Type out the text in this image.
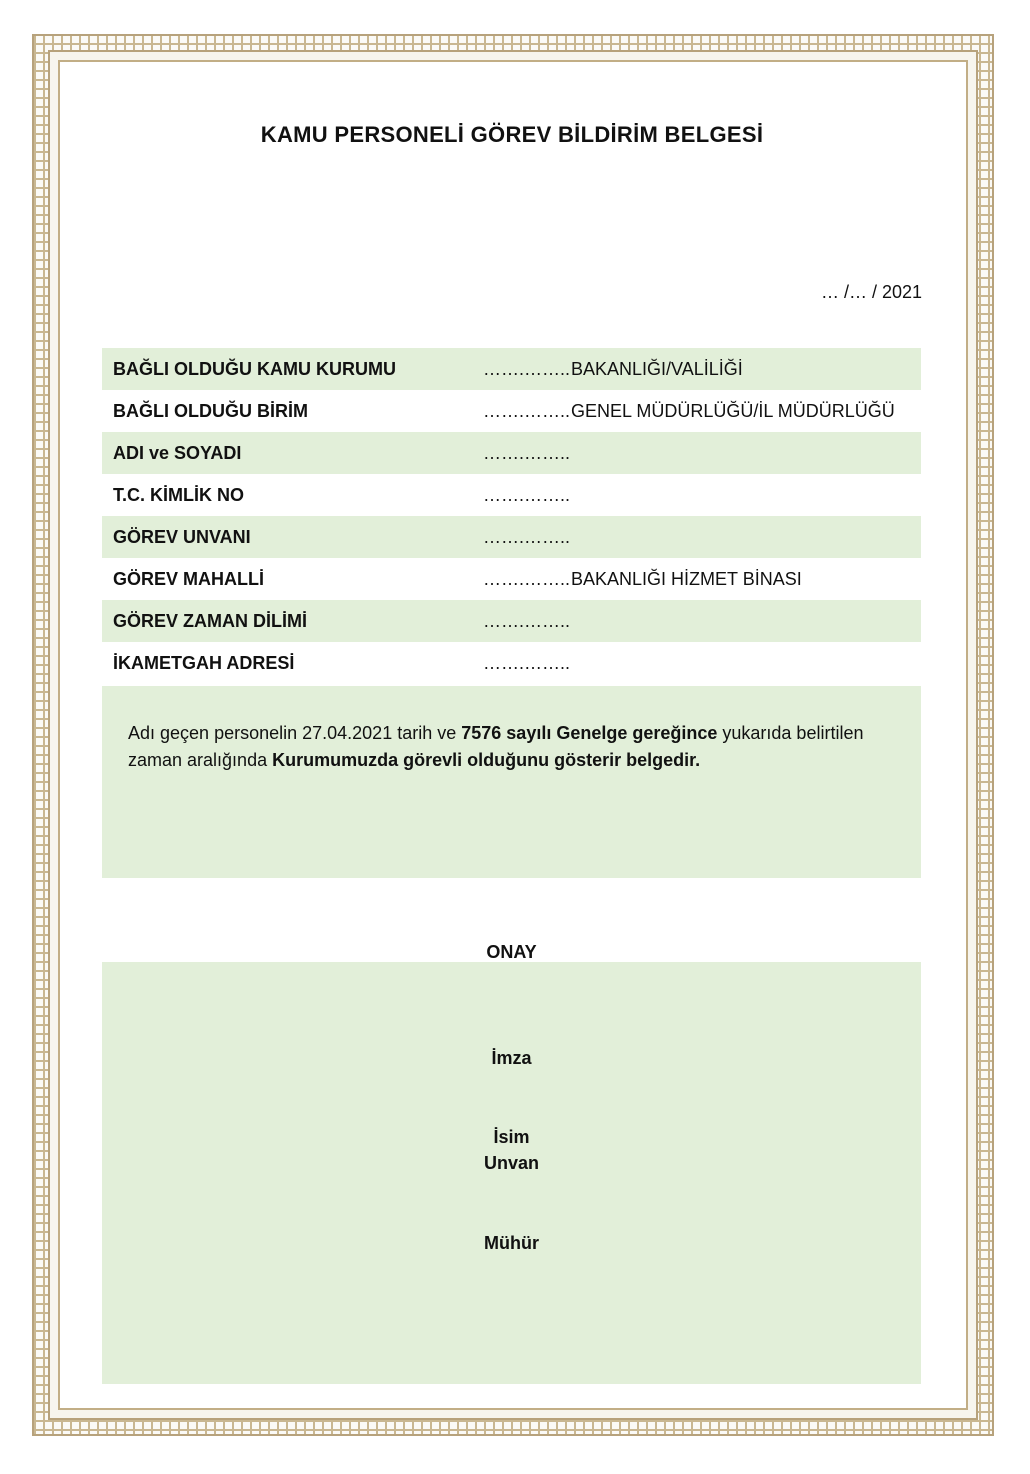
KAMU PERSONELİ GÖREV BİLDİRİM BELGESİ
… /… / 2021
BAĞLI OLDUĞU KAMU KURUMU	…….…….. BAKANLIĞI/VALİLİĞİ
BAĞLI OLDUĞU BİRİM	…….…….. GENEL MÜDÜRLÜĞÜ/İL MÜDÜRLÜĞÜ
ADI ve SOYADI	…….……..
T.C. KİMLİK NO	…….……..
GÖREV UNVANI	…….……..
GÖREV MAHALLİ	…….…….. BAKANLIĞI HİZMET BİNASI
GÖREV ZAMAN DİLİMİ	…….……..
İKAMETGAH ADRESİ	…….……..
Adı geçen personelin 27.04.2021 tarih ve 7576 sayılı Genelge gereğince yukarıda belirtilen zaman aralığında Kurumumuzda görevli olduğunu gösterir belgedir.
ONAY
İmza
İsim
Unvan
Mühür
